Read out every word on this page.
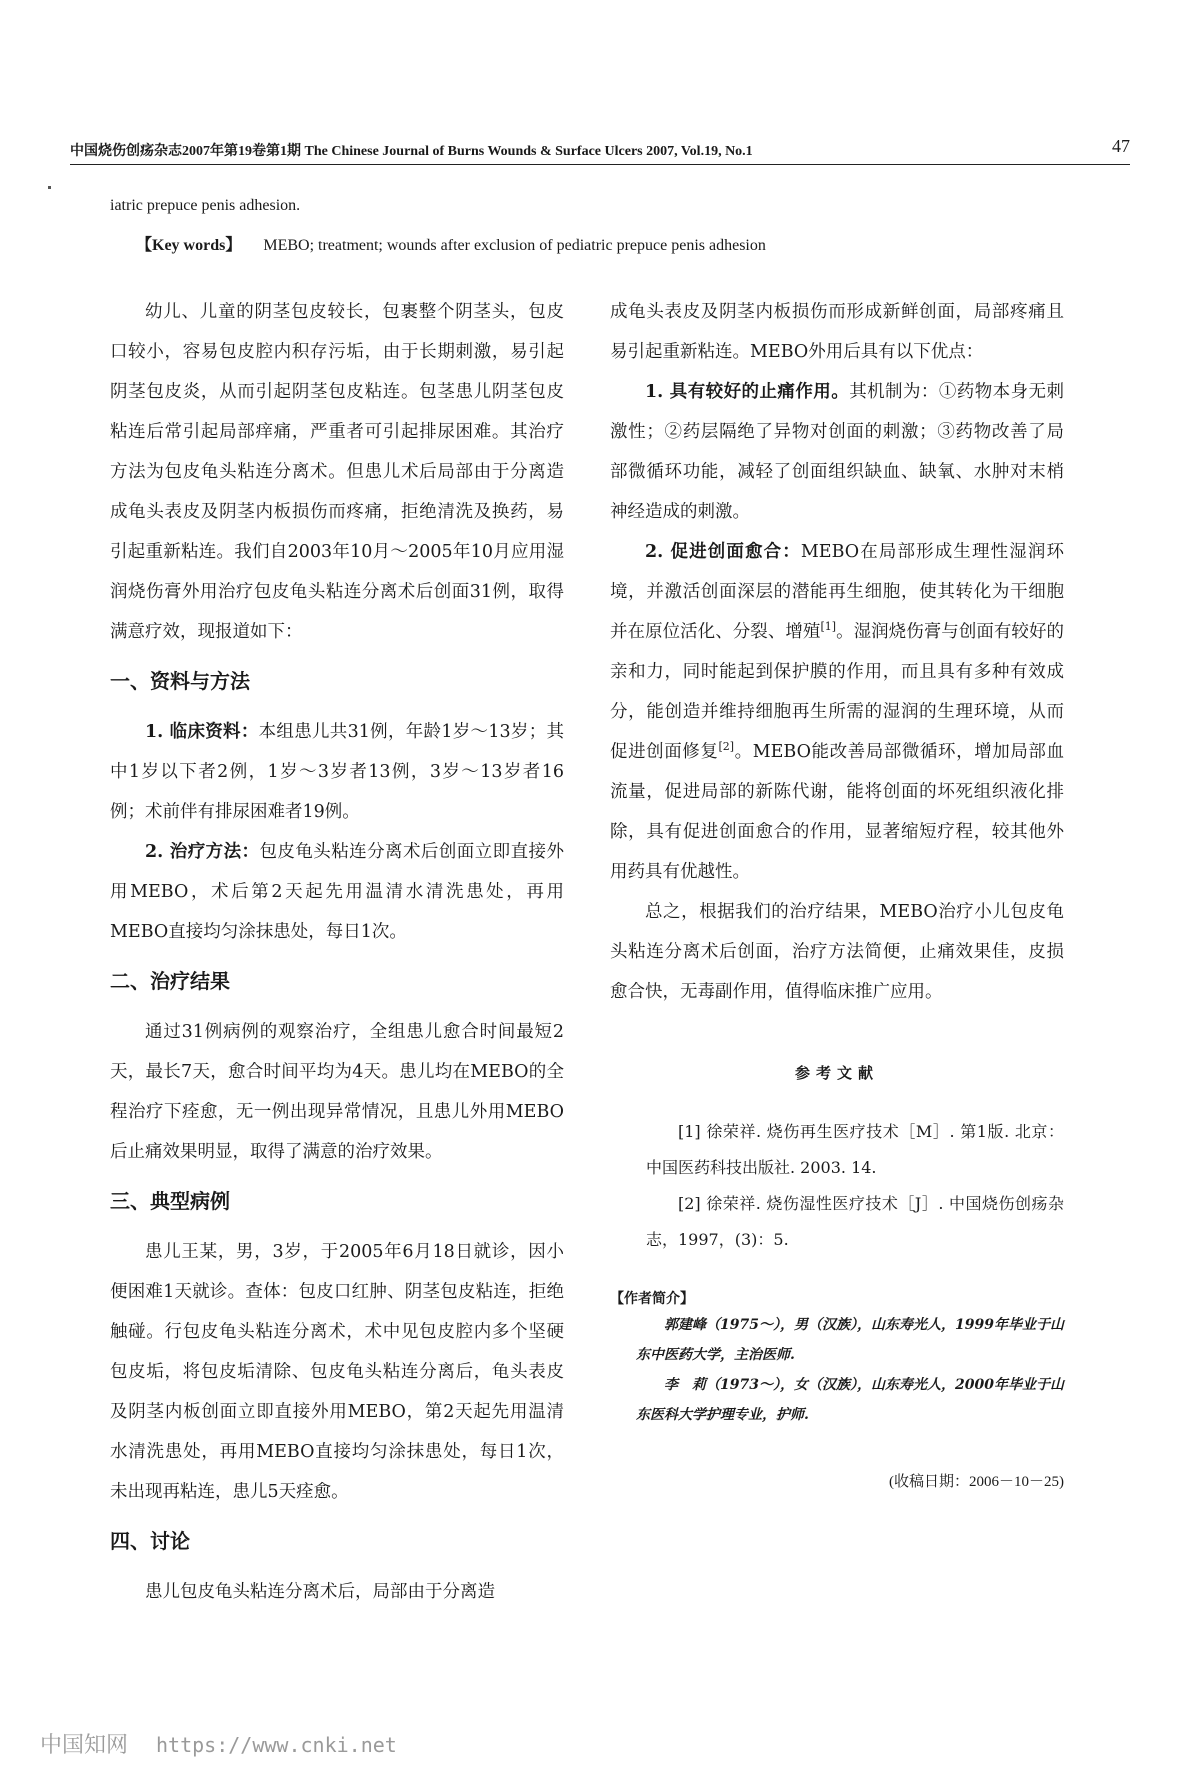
中国烧伤创疡杂志2007年第19卷第1期 The Chinese Journal of Burns Wounds & Surface Ulcers 2007, Vol.19, No.1	47
iatric prepuce penis adhesion.
【Key words】 MEBO; treatment; wounds after exclusion of pediatric prepuce penis adhesion

幼儿、儿童的阴茎包皮较长，包裹整个阴茎头，包皮口较小，容易包皮腔内积存污垢，由于长期刺激，易引起阴茎包皮炎，从而引起阴茎包皮粘连。包茎患儿阴茎包皮粘连后常引起局部痒痛，严重者可引起排尿困难。其治疗方法为包皮龟头粘连分离术。但患儿术后局部由于分离造成龟头表皮及阴茎内板损伤而疼痛，拒绝清洗及换药，易引起重新粘连。我们自2003年10月～2005年10月应用湿润烧伤膏外用治疗包皮龟头粘连分离术后创面31例，取得满意疗效，现报道如下：

一、资料与方法

1. 临床资料：本组患儿共31例，年龄1岁～13岁；其中1岁以下者2例，1岁～3岁者13例，3岁～13岁者16例；术前伴有排尿困难者19例。

2. 治疗方法：包皮龟头粘连分离术后创面立即直接外用MEBO，术后第2天起先用温清水清洗患处，再用MEBO直接均匀涂抹患处，每日1次。

二、治疗结果

通过31例病例的观察治疗，全组患儿愈合时间最短2天，最长7天，愈合时间平均为4天。患儿均在MEBO的全程治疗下痊愈，无一例出现异常情况，且患儿外用MEBO后止痛效果明显，取得了满意的治疗效果。

三、典型病例

患儿王某，男，3岁，于2005年6月18日就诊，因小便困难1天就诊。查体：包皮口红肿、阴茎包皮粘连，拒绝触碰。行包皮龟头粘连分离术，术中见包皮腔内多个坚硬包皮垢，将包皮垢清除、包皮龟头粘连分离后，龟头表皮及阴茎内板创面立即直接外用MEBO，第2天起先用温清水清洗患处，再用MEBO直接均匀涂抹患处，每日1次，未出现再粘连，患儿5天痊愈。

四、讨论

患儿包皮龟头粘连分离术后，局部由于分离造

成龟头表皮及阴茎内板损伤而形成新鲜创面，局部疼痛且易引起重新粘连。MEBO外用后具有以下优点：

1. 具有较好的止痛作用。其机制为：①药物本身无刺激性；②药层隔绝了异物对创面的刺激；③药物改善了局部微循环功能，减轻了创面组织缺血、缺氧、水肿对末梢神经造成的刺激。

2. 促进创面愈合：MEBO在局部形成生理性湿润环境，并激活创面深层的潜能再生细胞，使其转化为干细胞并在原位活化、分裂、增殖[1]。湿润烧伤膏与创面有较好的亲和力，同时能起到保护膜的作用，而且具有多种有效成分，能创造并维持细胞再生所需的湿润的生理环境，从而促进创面修复[2]。MEBO能改善局部微循环，增加局部血流量，促进局部的新陈代谢，能将创面的坏死组织液化排除，具有促进创面愈合的作用，显著缩短疗程，较其他外用药具有优越性。

总之，根据我们的治疗结果，MEBO治疗小儿包皮龟头粘连分离术后创面，治疗方法简便，止痛效果佳，皮损愈合快，无毒副作用，值得临床推广应用。

参考文献

[1] 徐荣祥. 烧伤再生医疗技术［M］. 第1版. 北京：中国医药科技出版社. 2003. 14.

[2] 徐荣祥. 烧伤湿性医疗技术［J］. 中国烧伤创疡杂志，1997，(3)：5.

【作者简介】

郭建峰（1975～），男（汉族），山东寿光人，1999年毕业于山东中医药大学，主治医师.

李　莉（1973～），女（汉族），山东寿光人，2000年毕业于山东医科大学护理专业，护师.

(收稿日期：2006－10－25)
中国知网 https://www.cnki.net
